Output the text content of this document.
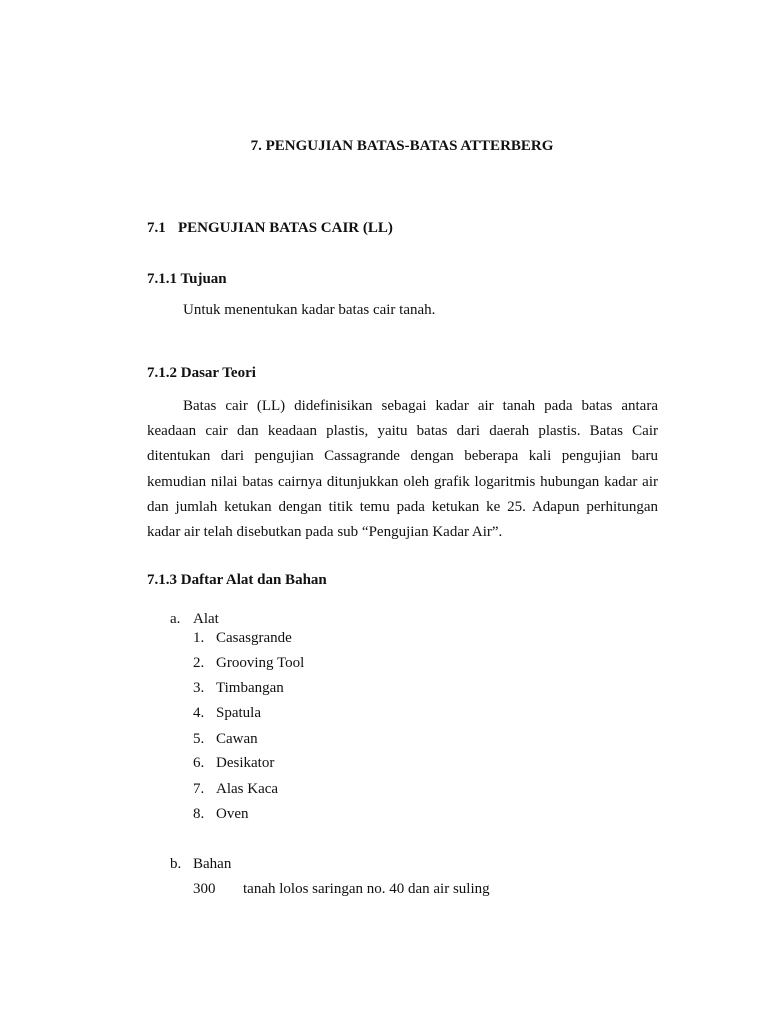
7. PENGUJIAN BATAS-BATAS ATTERBERG
7.1 PENGUJIAN BATAS CAIR (LL)
7.1.1 Tujuan
Untuk menentukan kadar batas cair tanah.
7.1.2 Dasar Teori
Batas cair (LL) didefinisikan sebagai kadar air tanah pada batas antara keadaan cair dan keadaan plastis, yaitu batas dari daerah plastis. Batas Cair ditentukan dari pengujian Cassagrande dengan beberapa kali pengujian baru kemudian nilai batas cairnya ditunjukkan oleh grafik logaritmis hubungan kadar air dan jumlah ketukan dengan titik temu pada ketukan ke 25. Adapun perhitungan kadar air telah disebutkan pada sub “Pengujian Kadar Air”.
7.1.3 Daftar Alat dan Bahan
a. Alat
1. Casasgrande
2. Grooving Tool
3. Timbangan
4. Spatula
5. Cawan
6. Desikator
7. Alas Kaca
8. Oven
b. Bahan
300 tanah lolos saringan no. 40 dan air suling
